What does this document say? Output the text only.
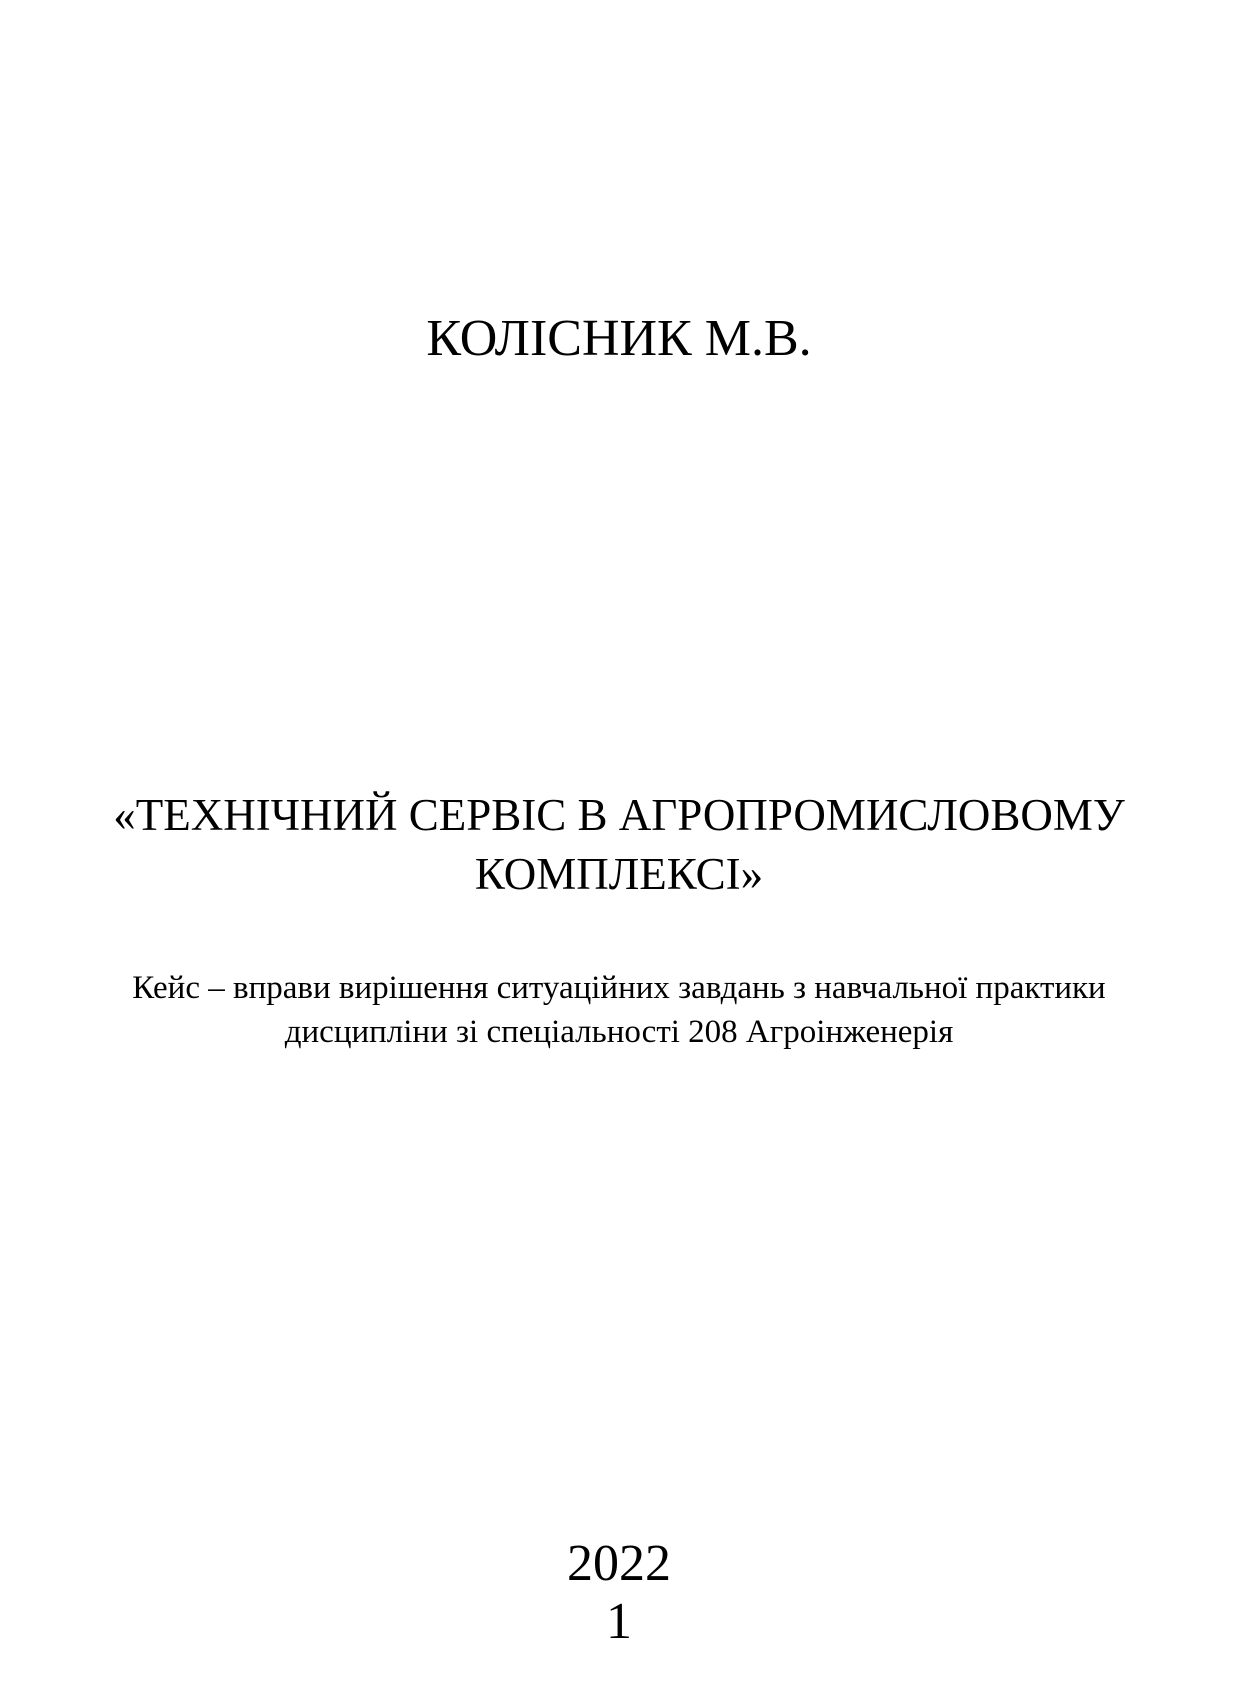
КОЛІСНИК М.В.
«ТЕХНІЧНИЙ СЕРВІС В АГРОПРОМИСЛОВОМУ
КОМПЛЕКСІ»
Кейс – вправи вирішення ситуаційних завдань з навчальної практики
дисципліни зі спеціальності 208 Агроінженерія
2022
1
